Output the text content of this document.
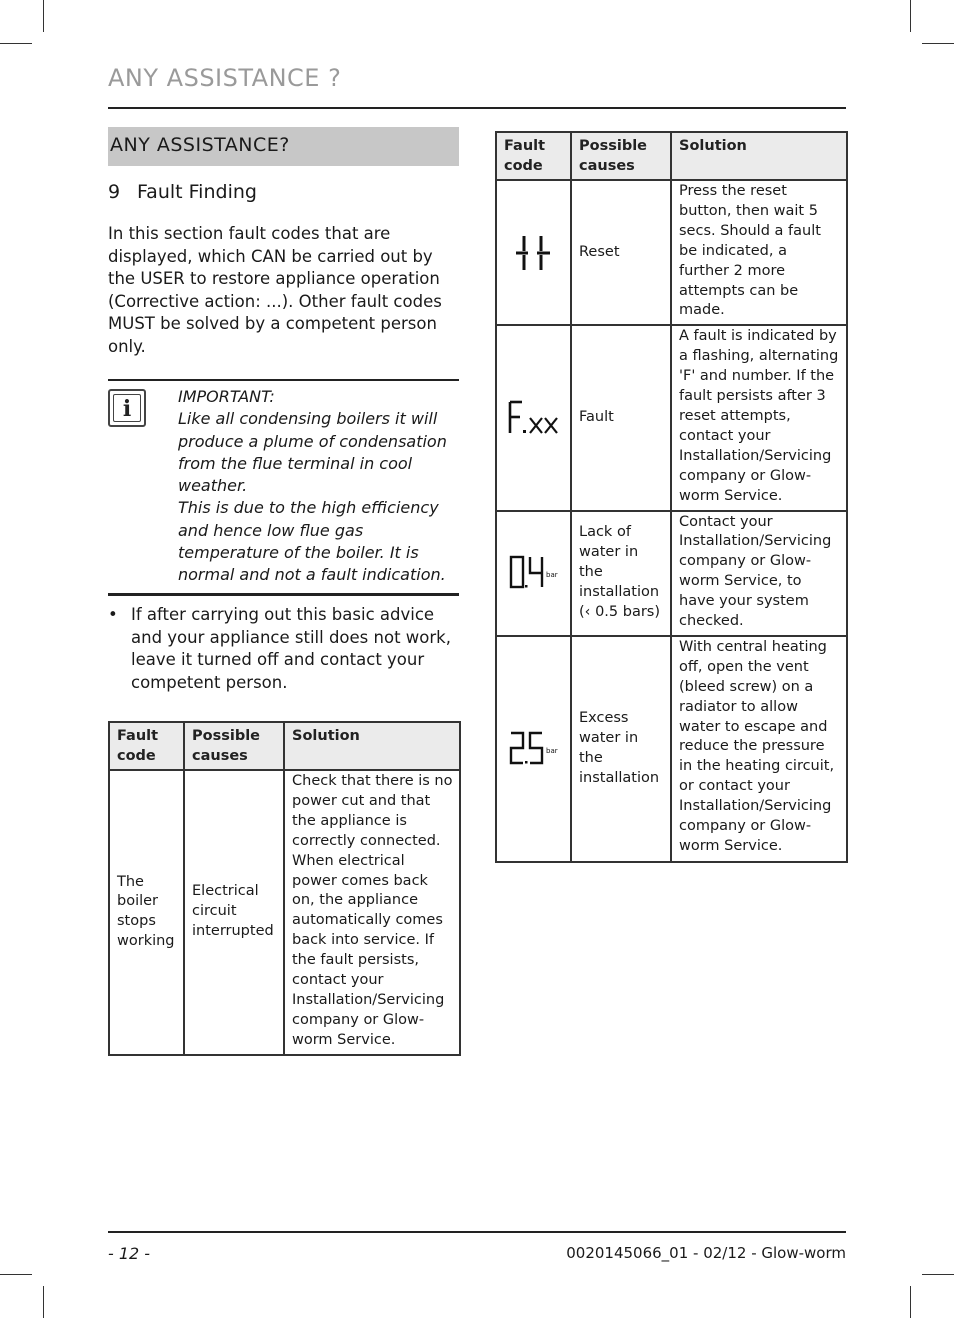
ANY ASSISTANCE ?
ANY ASSISTANCE?
9 Fault Finding
In this section fault codes that are displayed, which CAN be carried out by the USER to restore appliance operation (Corrective action: ...). Other fault codes MUST be solved by a competent person only.
i	IMPORTANT:
Like all condensing boilers it will produce a plume of condensation from the flue terminal in cool weather.
This is due to the high efficiency and hence low flue gas temperature of the boiler. It is normal and not a fault indication.
• If after carrying out this basic advice and your appliance still does not work, leave it turned off and contact your competent person.
Fault code	Possible causes	Solution
The boiler stops working	Electrical circuit interrupted	Check that there is no power cut and that the appliance is correctly connected. When electrical power comes back on, the appliance automatically comes back into service. If the fault persists, contact your Installation/Servicing company or Glow-worm Service.
Fault code	Possible causes	Solution
	Reset	Press the reset button, then wait 5 secs. Should a fault be indicated, a further 2 more attempts can be made.
	Fault	A fault is indicated by a flashing, alternating 'F' and number. If the fault persists after 3 reset attempts, contact your Installation/Servicing company or Glow-worm Service.

bar	Lack of water in the installation (‹ 0.5 bars)	Contact your Installation/Servicing company or Glow-worm Service, to have your system checked.

bar	Excess water in the installation	With central heating off, open the vent (bleed screw) on a radiator to allow water to escape and reduce the pressure in the heating circuit, or contact your Installation/Servicing company or Glow-worm Service.
- 12 -	0020145066_01 - 02/12 - Glow-worm
